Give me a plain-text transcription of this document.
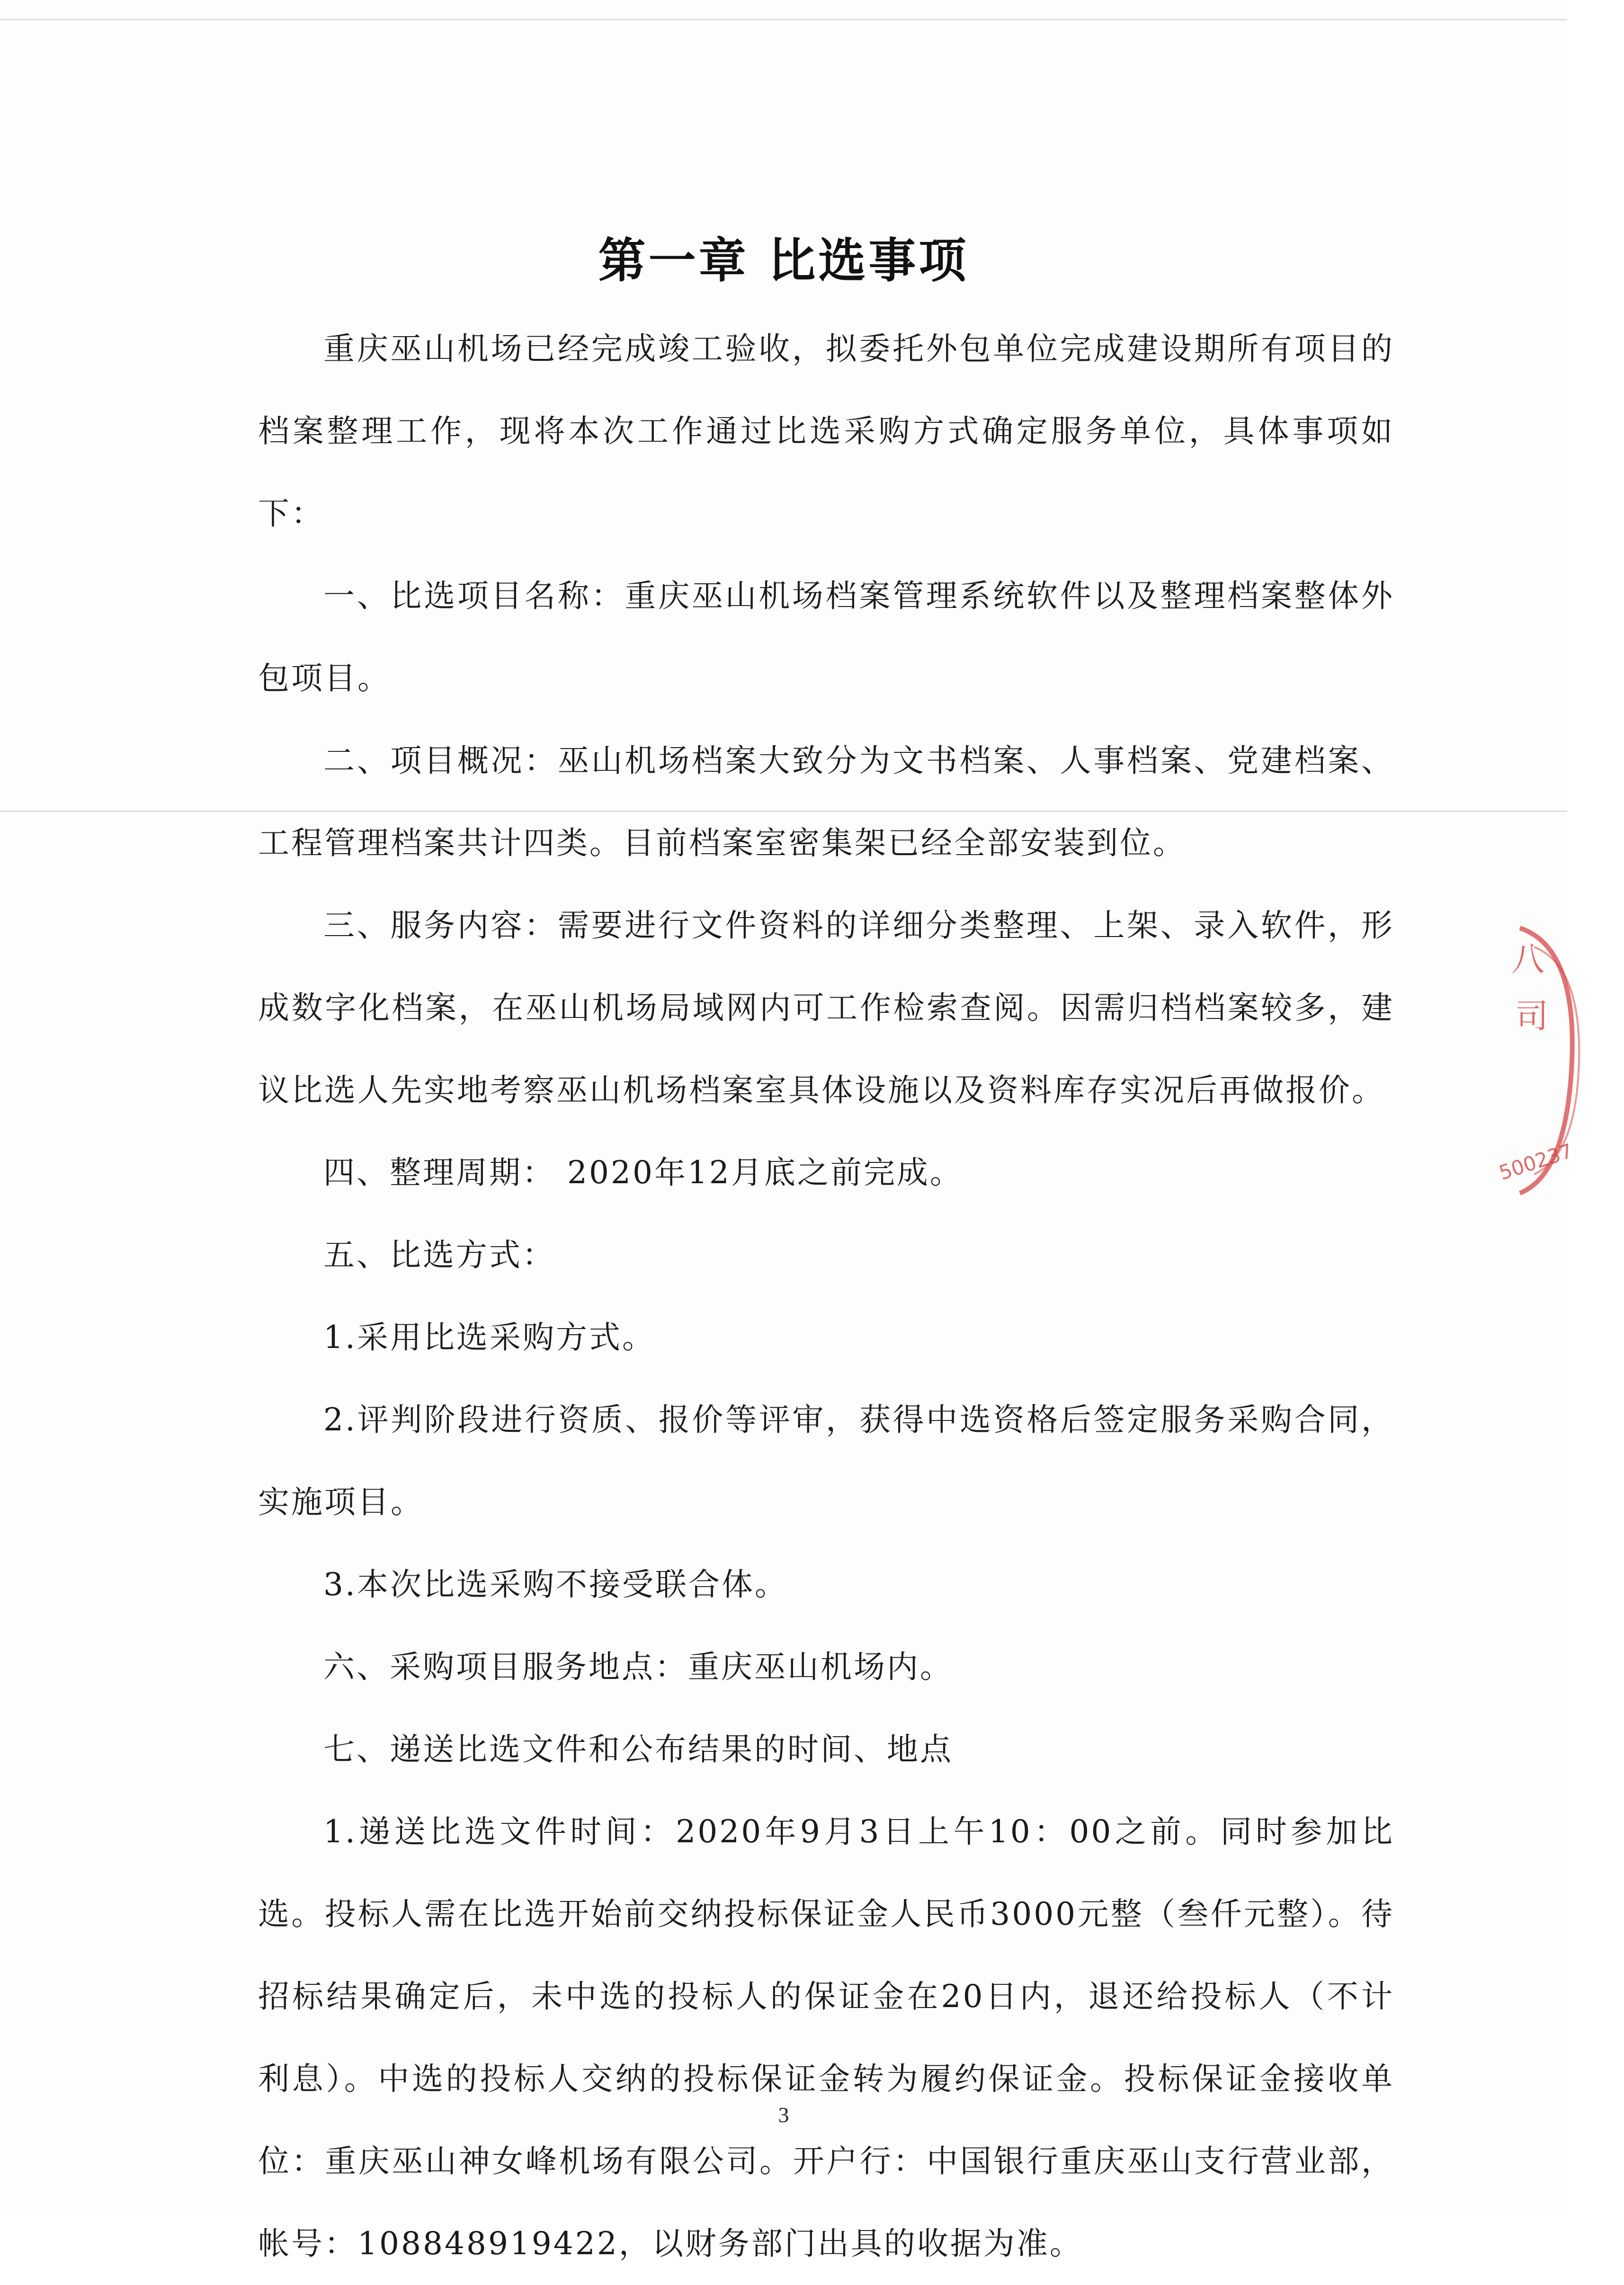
第一章 比选事项

重庆巫山机场已经完成竣工验收，拟委托外包单位完成建设期所有项目的档案整理工作，现将本次工作通过比选采购方式确定服务单位，具体事项如下：

一、比选项目名称：重庆巫山机场档案管理系统软件以及整理档案整体外包项目。

二、项目概况：巫山机场档案大致分为文书档案、人事档案、党建档案、工程管理档案共计四类。目前档案室密集架已经全部安装到位。

三、服务内容：需要进行文件资料的详细分类整理、上架、录入软件，形成数字化档案，在巫山机场局域网内可工作检索查阅。因需归档档案较多，建议比选人先实地考察巫山机场档案室具体设施以及资料库存实况后再做报价。

四、整理周期： 2020年12月底之前完成。

五、比选方式：

1.采用比选采购方式。

2.评判阶段进行资质、报价等评审，获得中选资格后签定服务采购合同，实施项目。

3.本次比选采购不接受联合体。

六、采购项目服务地点：重庆巫山机场内。

七、递送比选文件和公布结果的时间、地点

1.递送比选文件时间：2020年9月3日上午10：00之前。同时参加比选。投标人需在比选开始前交纳投标保证金人民币3000元整（叁仟元整）。待招标结果确定后，未中选的投标人的保证金在20日内，退还给投标人（不计利息）。中选的投标人交纳的投标保证金转为履约保证金。投标保证金接收单位：重庆巫山神女峰机场有限公司。开户行：中国银行重庆巫山支行营业部，帐号：108848919422，以财务部门出具的收据为准。

八
司
500237
3
